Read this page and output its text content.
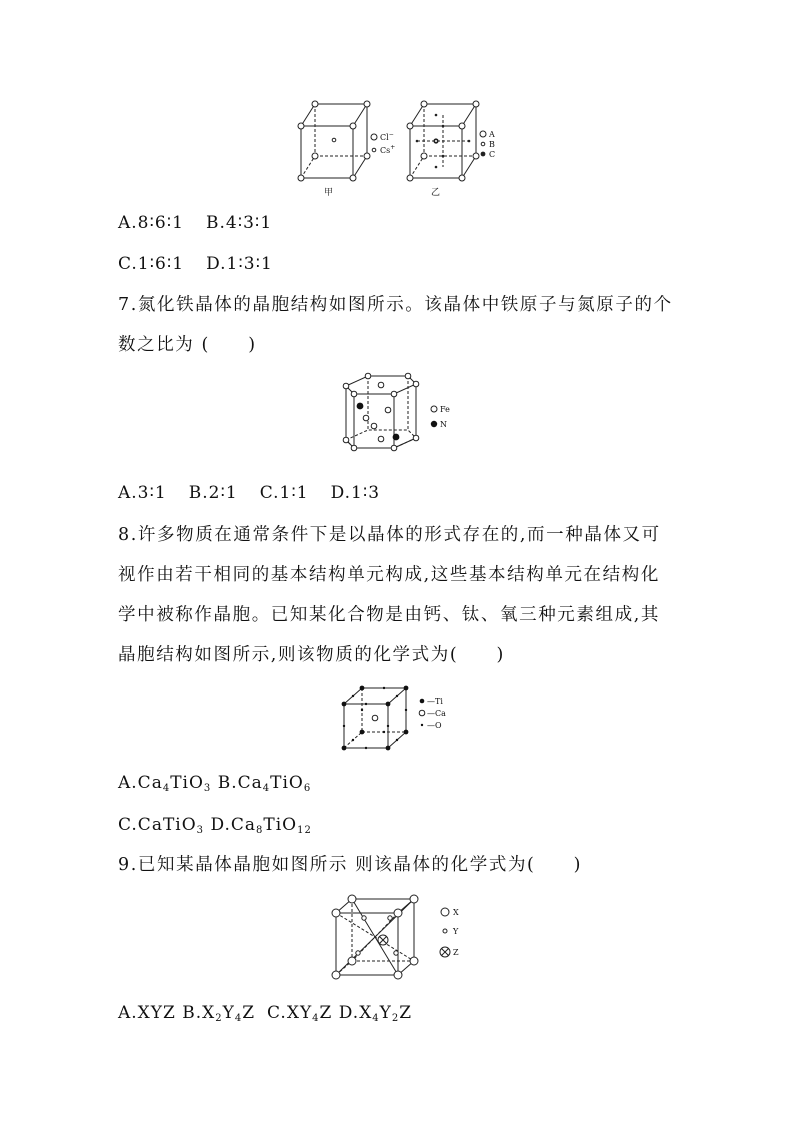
Cl−
Cs+
甲
A
B
C
乙
A.8∶6∶1 B.4∶3∶1
C.1∶6∶1 D.1∶3∶1
7.氮化铁晶体的晶胞结构如图所示。该晶体中铁原子与氮原子的个数之比为 (　　)
Fe
N
A.3∶1 B.2∶1 C.1∶1 D.1∶3
8.许多物质在通常条件下是以晶体的形式存在的,而一种晶体又可视作由若干相同的基本结构单元构成,这些基本结构单元在结构化学中被称作晶胞。已知某化合物是由钙、钛、氧三种元素组成,其晶胞结构如图所示,则该物质的化学式为(　　)
—Ti
—Ca
—O
$A.Ca_4TiO_3$ $B.Ca_4TiO_6$
C.CaTiO$_3$ $D.Ca_8TiO_{12}$
9.已知某晶体晶胞如图所示 则该晶体的化学式为(　　)
X
Y
Z
A.XYZ $B.X_2Y_4Z$ $C.XY_4Z$ $D.X_4Y_2Z$
